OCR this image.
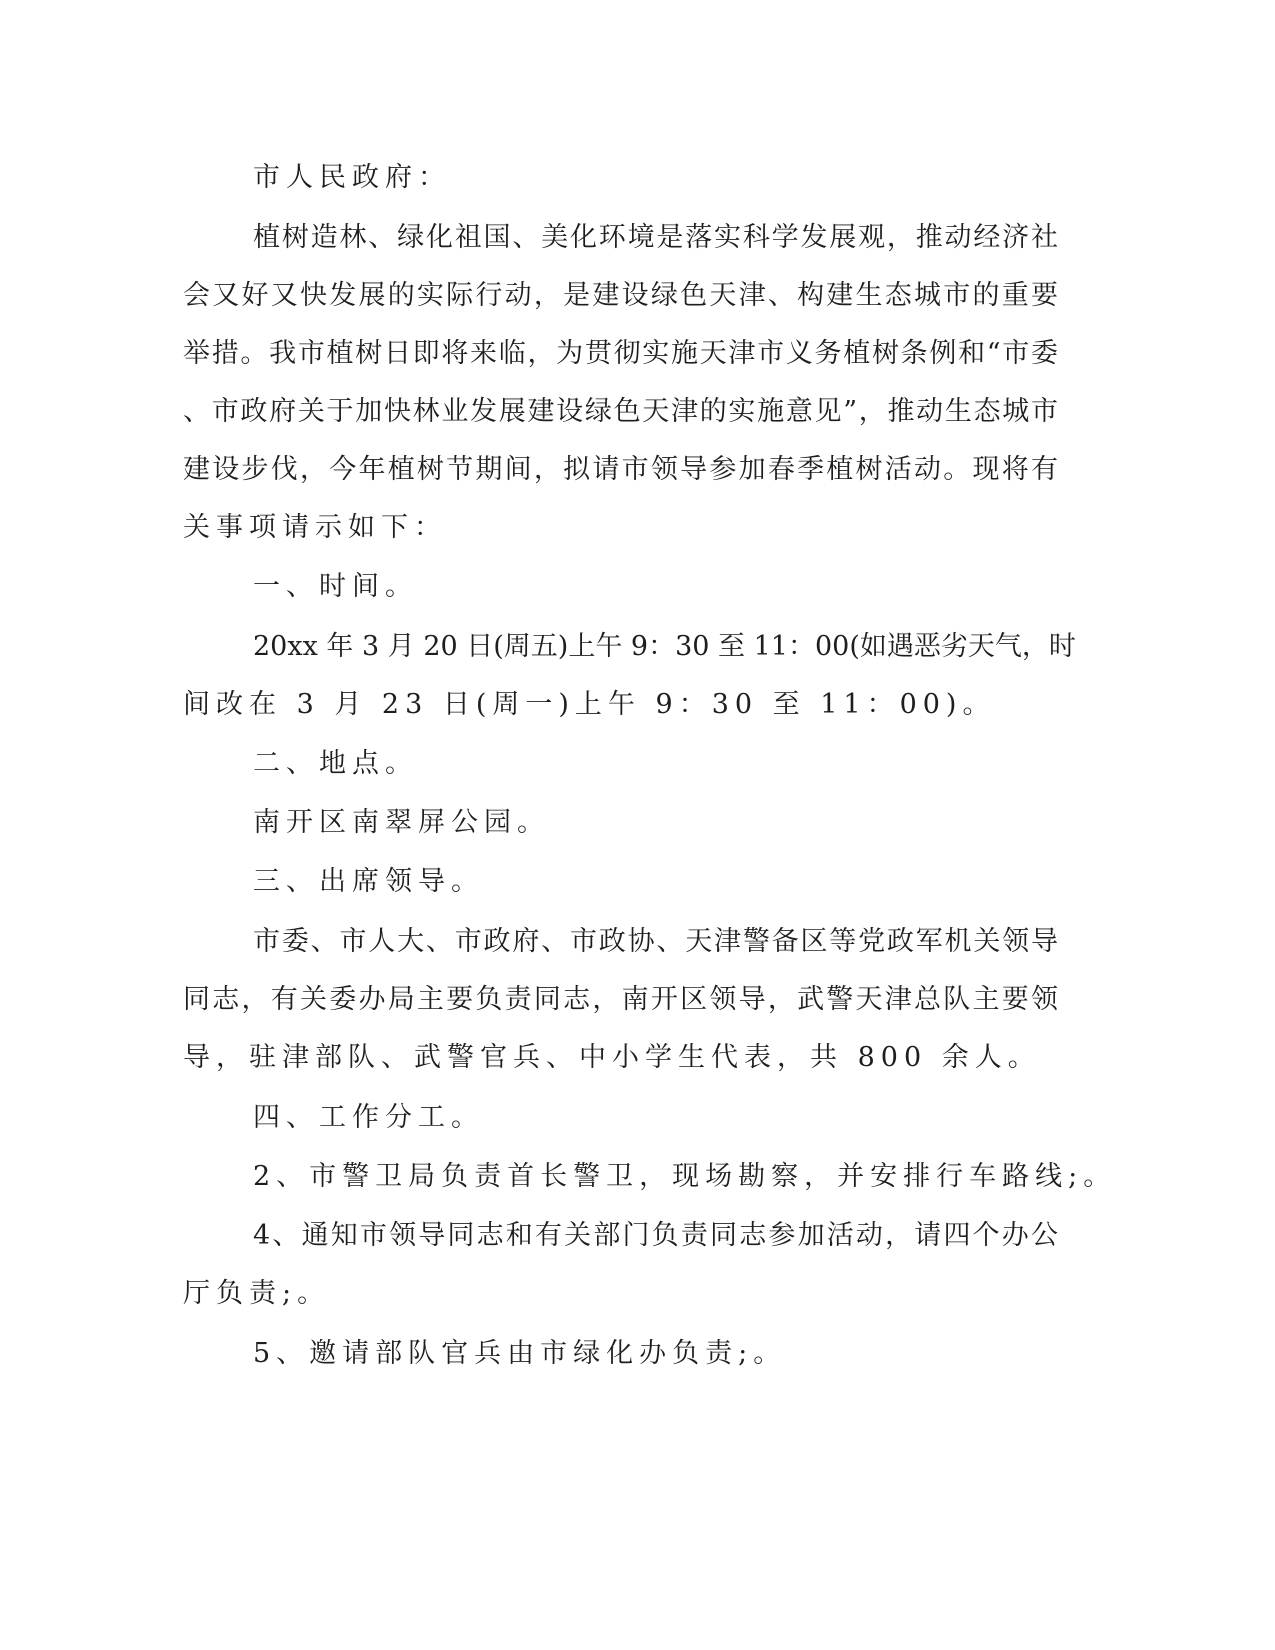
市人民政府：
植树造林、绿化祖国、美化环境是落实科学发展观，推动经济社
会又好又快发展的实际行动，是建设绿色天津、构建生态城市的重要
举措。我市植树日即将来临，为贯彻实施天津市义务植树条例和“市委
、市政府关于加快林业发展建设绿色天津的实施意见”，推动生态城市
建设步伐，今年植树节期间，拟请市领导参加春季植树活动。现将有
关事项请示如下：
一、时间。
20xx 年 3 月 20 日(周五)上午 9：30 至 11：00(如遇恶劣天气，时
间改在 3 月 23 日(周一)上午 9：30 至 11：00)。
二、地点。
南开区南翠屏公园。
三、出席领导。
市委、市人大、市政府、市政协、天津警备区等党政军机关领导
同志，有关委办局主要负责同志，南开区领导，武警天津总队主要领
导，驻津部队、武警官兵、中小学生代表，共 800 余人。
四、工作分工。
2、市警卫局负责首长警卫，现场勘察，并安排行车路线;。
4、通知市领导同志和有关部门负责同志参加活动，请四个办公
厅负责;。
5、邀请部队官兵由市绿化办负责;。
